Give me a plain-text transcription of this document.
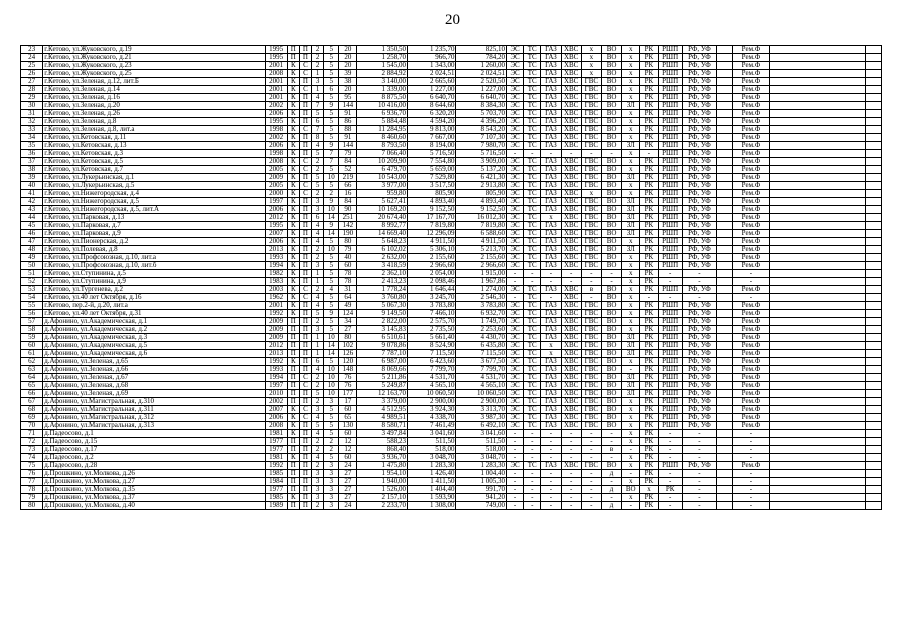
20
23	г.Кетово, ул.Жуковского, д.19	1995	П	П	2	5	20	1 350,50	1 235,70	825,10	ЭС	ТС	ГАЗ	ХВС	х	ВО	х	РК	РШП	РФ, УФ		Рем.Ф		
24	г.Кетово, ул.Жуковского, д.21	1995	П	П	2	5	20	1 258,70	966,70	784,20	ЭС	ТС	ГАЗ	ХВС	х	ВО	х	РК	РШП	РФ, УФ		Рем.Ф		
25	г.Кетово, ул.Жуковского, д.23	2001	К	С	2	5	20	1 545,00	1 343,00	1 260,00	ЭС	ТС	ГАЗ	ХВС	х	ВО	х	РК	РШП	РФ, УФ		Рем.Ф		
26	г.Кетово, ул.Жуковского, д.25	2008	К	С	1	5	39	2 884,92	2 024,51	2 024,51	ЭС	ТС	ГАЗ	ХВС	х	ВО	х	РК	РШП	РФ, УФ		Рем.Ф		
27	г.Кетово, ул.Зеленая, д.12, лит.Б	2001	К	П	3	5	38	3 140,00	2 665,60	2 520,50	ЭС	ТС	ГАЗ	ХВС	ГВС	ВО	х	РК	РШП	РФ, УФ		Рем.Ф		
28	г.Кетово, ул.Зеленая, д.14	2001	К	С	1	6	20	1 339,00	1 227,00	1 227,00	ЭС	ТС	ГАЗ	ХВС	ГВС	ВО	х	РК	РШП	РФ, УФ		Рем.Ф		
29	г.Кетово, ул.Зеленая, д.16	2001	К	П	4	5	95	8 875,50	6 640,70	6 640,70	ЭС	ТС	ГАЗ	ХВС	ГВС	ВО	х	РК	РШП	РФ, УФ		Рем.Ф		
30	г.Кетово, ул.Зеленая, д.20	2002	К	П	7	9	144	10 416,00	8 644,60	8 384,30	ЭС	ТС	ГАЗ	ХВС	ГВС	ВО	ЗЛ	РК	РШП	РФ, УФ		Рем.Ф		
31	г.Кетово, ул.Зеленая, д.26	2006	К	П	5	5	91	6 936,70	6 320,20	5 703,70	ЭС	ТС	ГАЗ	ХВС	ГВС	ВО	х	РК	РШП	РФ, УФ		Рем.Ф		
32	г.Кетово, ул.Зеленая, д.8	1995	К	П	6	5	86	5 884,48	4 594,20	4 396,20	ЭС	ТС	ГАЗ	ХВС	ГВС	ВО	х	РК	РШП	РФ, УФ		Рем.Ф		
33	г.Кетово, ул.Зеленая, д.8, лит.а	1998	К	С	7	5	88	11 284,95	9 813,00	8 543,20	ЭС	ТС	ГАЗ	ХВС	ГВС	ВО	х	РК	РШП	РФ, УФ		Рем.Ф		
34	г.Кетово, ул.Кетовская, д.11	2002	К	П	8	5	91	8 460,60	7 667,00	7 107,30	ЭС	ТС	ГАЗ	ХВС	ГВС	ВО	х	РК	РШП	РФ, УФ		Рем.Ф		
35	г.Кетово, ул.Кетовская, д.13	2006	К	П	4	9	144	8 793,50	8 194,00	7 980,70	ЭС	ТС	ГАЗ	ХВС	ГВС	ВО	ЗЛ	РК	РШП	РФ, УФ		Рем.Ф		
36	г.Кетово, ул.Кетовская, д.3	1998	К	П	5	7	79	7 066,40	5 716,50	5 716,50	-	-	-	-	-	-	х	-	РШП	РФ, УФ		Рем.Ф		
37	г.Кетово, ул.Кетовская, д.5	2008	К	С	2	7	84	10 209,90	7 554,80	3 909,00	ЭС	ТС	ГАЗ	ХВС	ГВС	ВО	х	РК	РШП	РФ, УФ		Рем.Ф		
38	г.Кетово, ул.Кетовская, д.7	2005	К	С	2	5	52	6 479,70	5 659,00	5 137,20	ЭС	ТС	ГАЗ	ХВС	ГВС	ВО	х	РК	РШП	РФ, УФ		Рем.Ф		
39	г.Кетово, ул.Лукерьинская, д.1	2009	К	П	5	10	219	10 543,00	7 529,80	6 421,30	ЭС	ТС	ГАЗ	ХВС	ГВС	ВО	ЗЛ	РК	РШП	РФ, УФ		Рем.Ф		
40	г.Кетово, ул.Лукерьинская, д.5	2005	К	С	5	5	66	3 977,00	3 517,50	2 913,80	ЭС	ТС	ГАЗ	ХВС	ГВС	ВО	х	РК	РШП	РФ, УФ		Рем.Ф		
41	г.Кетово, ул.Нижегородская, д.4	2000	К	С	2	2	16	959,80	805,90	805,90	ЭС	ТС	ГАЗ	ХВС	х	ВО	х	РК	РШП	РФ, УФ		Рем.Ф		
42	г.Кетово, ул.Нижегородская, д.5	1997	К	П	3	9	84	5 627,41	4 893,40	4 893,40	ЭС	ТС	ГАЗ	ХВС	ГВС	ВО	ЗЛ	РК	РШП	РФ, УФ		Рем.Ф		
43	г.Кетово, ул.Нижегородская, д.5, лит.А	2006	К	П	3	10	90	10 169,20	9 152,50	9 152,50	ЭС	ТС	ГАЗ	ХВС	ГВС	ВО	ЗЛ	РК	РШП	РФ, УФ		Рем.Ф		
44	г.Кетово, ул.Парковая, д.13	2012	К	П	6	14	251	20 674,40	17 167,70	16 012,30	ЭС	ТС	х	ХВС	ГВС	ВО	ЗЛ	РК	РШП	РФ, УФ		Рем.Ф		
45	г.Кетово, ул.Парковая, д.7	1995	К	П	4	9	142	8 992,77	7 819,80	7 819,80	ЭС	ТС	ГАЗ	ХВС	ГВС	ВО	ЗЛ	РК	РШП	РФ, УФ		Рем.Ф		
46	г.Кетово, ул.Парковая, д.9	2007	К	П	4	14	190	14 669,40	12 296,09	6 588,60	ЭС	ТС	ГАЗ	ХВС	ГВС	ВО	ЗЛ	РК	РШП	РФ, УФ		Рем.Ф		
47	г.Кетово, ул.Пионерская, д.2	2006	К	П	4	5	80	5 648,23	4 911,50	4 911,50	ЭС	ТС	ГАЗ	ХВС	ГВС	ВО	х	РК	РШП	РФ, УФ		Рем.Ф		
48	г.Кетово, ул.Полевая, д.8	2013	К	П	2	10	79	6 102,02	5 306,10	5 213,70	ЭС	ТС	ГАЗ	ХВС	ГВС	ВО	ЗЛ	РК	РШП	РФ, УФ		Рем.Ф		
49	г.Кетово, ул.Профсоюзная, д.10, лит.а	1993	К	П	2	5	40	2 632,00	2 155,60	2 155,60	ЭС	ТС	ГАЗ	ХВС	ГВС	ВО	х	РК	РШП	РФ, УФ		Рем.Ф		
50	г.Кетово, ул.Профсоюзная, д.10, лит.б	1994	К	П	3	5	60	3 418,59	2 966,60	2 966,60	ЭС	ТС	ГАЗ	ХВС	ГВС	ВО	х	РК	РШП	РФ, УФ		Рем.Ф		
51	г.Кетово, ул.Ступинина, д.5	1982	К	П	1	5	78	2 362,10	2 054,00	1 915,00	-	-	-	-	-	-	х	РК	-	-		-		
52	г.Кетово, ул.Ступинина, д.9	1983	К	П	1	5	78	2 413,23	2 098,46	1 967,86	-	-	-	-	-	-	х	РК	-	-		-		
53	г.Кетово, ул.Тургенева, д.2	2003	К	С	2	4	31	1 778,24	1 646,44	1 274,00	ЭС	ТС	ГАЗ	ХВС	в	ВО	х	РК	РШП	РФ, УФ		Рем.Ф		
54	г.Кетово, ул.40 лет Октября, д.16	1962	К	С	4	5	64	3 760,80	3 245,70	2 546,30	-	ТС	-	ХВС	-	ВО	х	-	-	-		-		
55	г.Кетово, пер.2-й, д.20, лит.а	2001	К	П	4	5	49	5 067,30	3 783,80	3 783,80	ЭС	ТС	ГАЗ	ХВС	ГВС	ВО	х	РК	РШП	РФ, УФ		Рем.Ф		
56	г.Кетово, ул.40 лет Октября, д.31	1992	К	П	5	9	124	9 149,50	7 466,10	6 932,70	ЭС	ТС	ГАЗ	ХВС	ГВС	ВО	х	РК	РШП	РФ, УФ		Рем.Ф		
57	д.Афонино, ул.Академическая, д.1	2009	П	П	2	5	34	2 822,00	2 575,70	1 749,70	ЭС	ТС	ГАЗ	ХВС	ГВС	ВО	х	РК	РШП	РФ, УФ		Рем.Ф		
58	д.Афонино, ул.Академическая, д.2	2009	П	П	3	5	27	3 145,83	2 735,50	2 253,60	ЭС	ТС	ГАЗ	ХВС	ГВС	ВО	х	РК	РШП	РФ, УФ		Рем.Ф		
59	д.Афонино, ул.Академическая, д.3	2009	П	П	1	10	80	6 510,61	5 661,40	4 430,70	ЭС	ТС	ГАЗ	ХВС	ГВС	ВО	ЗЛ	РК	РШП	РФ, УФ		Рем.Ф		
60	д.Афонино, ул.Академическая, д.5	2012	П	П	1	14	102	9 078,86	8 524,90	6 435,80	ЭС	ТС	х	ХВС	ГВС	ВО	ЗЛ	РК	РШП	РФ, УФ		Рем.Ф		
61	д.Афонино, ул.Академическая, д.6	2013	П	П	1	14	126	7 787,10	7 115,50	7 115,50	ЭС	ТС	х	ХВС	ГВС	ВО	ЗЛ	РК	РШП	РФ, УФ		Рем.Ф		
62	д.Афонино, ул.Зеленая, д.65	1992	К	П	6	5	120	6 987,00	6 423,60	3 677,50	ЭС	ТС	ГАЗ	ХВС	ГВС	ВО	х	РК	РШП	РФ, УФ		Рем.Ф		
63	д.Афонино, ул.Зеленая, д.66	1993	П	П	4	10	148	8 069,66	7 799,70	7 799,70	ЭС	ТС	ГАЗ	ХВС	ГВС	ВО	-	РК	РШП	РФ, УФ		Рем.Ф		
64	д.Афонино, ул.Зеленая, д.67	1994	П	С	2	10	76	5 211,86	4 531,70	4 531,70	ЭС	ТС	ГАЗ	ХВС	ГВС	ВО	ЗЛ	РК	РШП	РФ, УФ		Рем.Ф		
65	д.Афонино, ул.Зеленая, д.68	1997	П	С	2	10	76	5 249,87	4 565,10	4 565,10	ЭС	ТС	ГАЗ	ХВС	ГВС	ВО	ЗЛ	РК	РШП	РФ, УФ		Рем.Ф		
66	д.Афонино, ул.Зеленая, д.69	2010	П	П	5	10	177	12 163,70	10 060,50	10 060,50	ЭС	ТС	ГАЗ	ХВС	ГВС	ВО	ЗЛ	РК	РШП	РФ, УФ		Рем.Ф		
67	д.Афонино, ул.Магистральная, д.310	2002	П	П	2	3	17	3 379,00	2 900,00	2 900,00	ЭС	ТС	ГАЗ	ХВС	ГВС	ВО	х	РК	РШП	РФ, УФ		Рем.Ф		
68	д.Афонино, ул.Магистральная, д.311	2007	К	С	3	5	60	4 512,95	3 924,30	3 313,70	ЭС	ТС	ГАЗ	ХВС	ГВС	ВО	х	РК	РШП	РФ, УФ		Рем.Ф		
69	д.Афонино, ул.Магистральная, д.312	2006	К	С	4	5	65	4 989,51	4 338,70	3 987,30	ЭС	ТС	ГАЗ	ХВС	ГВС	ВО	х	РК	РШП	РФ, УФ		Рем.Ф		
70	д.Афонино, ул.Магистральная, д.313	2008	К	П	5	5	130	8 580,71	7 461,49	6 492,10	ЭС	ТС	ГАЗ	ХВС	ГВС	ВО	х	РК	РШП	РФ, УФ		Рем.Ф		
71	д.Падеосово, д.1	1981	К	П	4	5	60	3 497,84	3 041,60	3 041,60	-	-	-	-	-	-	х	РК	-	-		-		
72	д.Падеосово, д.15	1977	П	П	2	2	12	588,23	511,50	511,50	-	-	-	-	-	-	х	РК	-	-		-		
73	д.Падеосово, д.17	1977	П	П	2	2	12	868,40	518,00	518,00	-	-	-	-	-	в	-	РК	-	-		-		
74	д.Падеосово, д.2	1981	К	П	4	5	60	3 936,70	3 048,70	3 048,70	-	-	-	-	-	-	х	РК	-	-		-		
75	д.Падеосово, д.28	1992	П	П	2	3	24	1 475,80	1 283,30	1 283,30	ЭС	ТС	ГАЗ	ХВС	ГВС	ВО	х	РК	РШП	РФ, УФ		Рем.Ф		
76	д.Прошкино, ул.Молкова, д.26	1985	П	П	3	3	27	1 954,10	1 426,40	1 004,40	-	-	-	-	-	д	-	РК	-	-		-		
77	д.Прошкино, ул.Молкова, д.27	1984	П	П	3	3	27	1 940,00	1 411,50	1 005,30	-	-	-	-	-	-	х	РК	-	-		-		
78	д.Прошкино, ул.Молкова, д.35	1977	П	П	3	3	27	1 526,00	1 404,40	991,70	-	-	-	-	-	д	ВО	х	РК	-		-		
79	д.Прошкино, ул.Молкова, д.37	1985	К	П	3	3	27	2 157,10	1 593,90	941,20	-	-	-	-	-	-	х	РК	-	-		-		
80	д.Прошкино, ул.Молкова, д.40	1989	П	П	2	3	24	2 233,70	1 308,00	749,00	-	-	-	-	-	д	-	РК	-	-		-		
